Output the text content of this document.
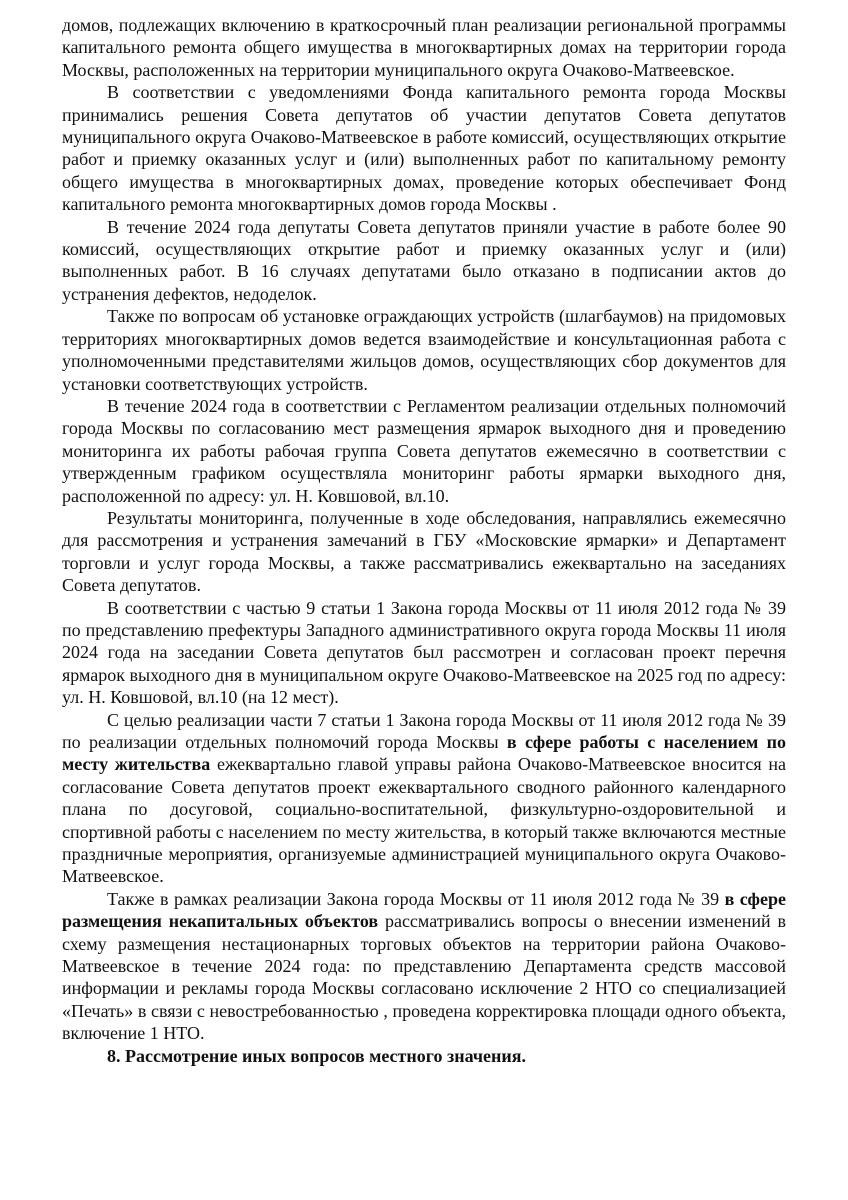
домов, подлежащих включению в краткосрочный план реализации региональной программы капитального ремонта общего имущества в многоквартирных домах на территории города Москвы, расположенных на территории муниципального округа Очаково-Матвеевское.

В соответствии с уведомлениями Фонда капитального ремонта города Москвы принимались решения Совета депутатов об участии депутатов Совета депутатов муниципального округа Очаково-Матвеевское в работе комиссий, осуществляющих открытие работ и приемку оказанных услуг и (или) выполненных работ по капитальному ремонту общего имущества в многоквартирных домах, проведение которых обеспечивает Фонд капитального ремонта многоквартирных домов города Москвы .

В течение 2024 года депутаты Совета депутатов приняли участие в работе более 90 комиссий, осуществляющих открытие работ и приемку оказанных услуг и (или) выполненных работ. В 16 случаях депутатами было отказано в подписании актов до устранения дефектов, недоделок.

Также по вопросам об установке ограждающих устройств (шлагбаумов) на придомовых территориях многоквартирных домов ведется взаимодействие и консультационная работа с уполномоченными представителями жильцов домов, осуществляющих сбор документов для установки соответствующих устройств.

В течение 2024 года в соответствии с Регламентом реализации отдельных полномочий города Москвы по согласованию мест размещения ярмарок выходного дня и проведению мониторинга их работы рабочая группа Совета депутатов ежемесячно в соответствии с утвержденным графиком осуществляла мониторинг работы ярмарки выходного дня, расположенной по адресу: ул. Н. Ковшовой, вл.10.

Результаты мониторинга, полученные в ходе обследования, направлялись ежемесячно для рассмотрения и устранения замечаний в ГБУ «Московские ярмарки» и Департамент торговли и услуг города Москвы, а также рассматривались ежеквартально на заседаниях Совета депутатов.

В соответствии с частью 9 статьи 1 Закона города Москвы от 11 июля 2012 года № 39 по представлению префектуры Западного административного округа города Москвы 11 июля 2024 года на заседании Совета депутатов был рассмотрен и согласован проект перечня ярмарок выходного дня в муниципальном округе Очаково-Матвеевское на 2025 год по адресу: ул. Н. Ковшовой, вл.10 (на 12 мест).

С целью реализации части 7 статьи 1 Закона города Москвы от 11 июля 2012 года № 39 по реализации отдельных полномочий города Москвы в сфере работы с населением по месту жительства ежеквартально главой управы района Очаково-Матвеевское вносится на согласование Совета депутатов проект ежеквартального сводного районного календарного плана по досуговой, социально-воспитательной, физкультурно-оздоровительной и спортивной работы с населением по месту жительства, в который также включаются местные праздничные мероприятия, организуемые администрацией муниципального округа Очаково-Матвеевское.

Также в рамках реализации Закона города Москвы от 11 июля 2012 года № 39 в сфере размещения некапитальных объектов рассматривались вопросы о внесении изменений в схему размещения нестационарных торговых объектов на территории района Очаково-Матвеевское в течение 2024 года: по представлению Департамента средств массовой информации и рекламы города Москвы согласовано исключение 2 НТО со специализацией «Печать» в связи с невостребованностью , проведена корректировка площади одного объекта, включение 1 НТО.

8. Рассмотрение иных вопросов местного значения.
